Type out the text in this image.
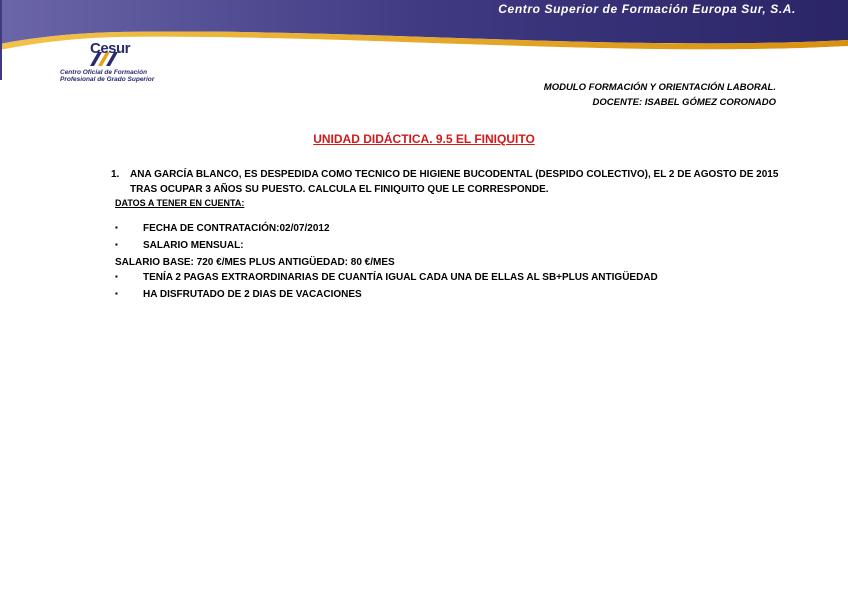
Centro Superior de Formación Europa Sur, S.A.
Cesur
Centro Oficial de Formación
Profesional de Grado Superior
MODULO FORMACIÓN Y ORIENTACIÓN LABORAL.
DOCENTE: ISABEL GÓMEZ CORONADO
UNIDAD DIDÁCTICA. 9.5 EL FINIQUITO
1.	ANA GARCÍA BLANCO, ES DESPEDIDA COMO TECNICO DE HIGIENE BUCODENTAL (DESPIDO COLECTIVO), EL 2 DE AGOSTO DE 2015 TRAS OCUPAR 3 AÑOS SU PUESTO. CALCULA EL FINIQUITO QUE LE CORRESPONDE.
DATOS A TENER EN CUENTA:
▪	FECHA DE CONTRATACIÓN:02/07/2012
▪	SALARIO MENSUAL:
SALARIO BASE: 720 €/MES PLUS ANTIGÜEDAD: 80 €/MES
▪	TENÍA 2 PAGAS EXTRAORDINARIAS DE CUANTÍA IGUAL CADA UNA DE ELLAS AL SB+PLUS ANTIGÜEDAD
▪	HA DISFRUTADO DE 2 DIAS DE VACACIONES
